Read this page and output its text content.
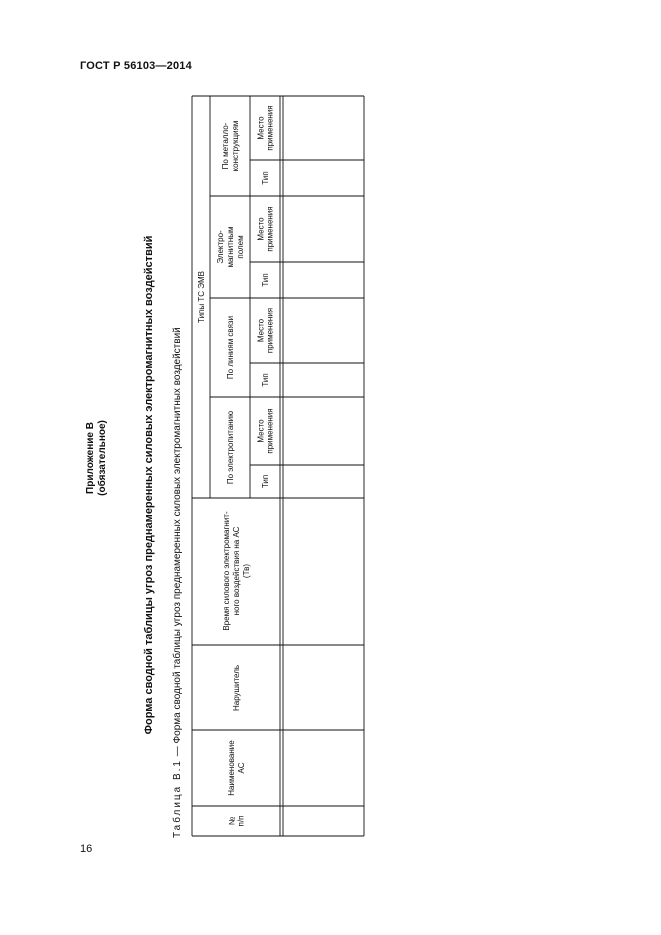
ГОСТ Р 56103—2014
Приложение В (обязательное)	Форма сводной таблицы угроз преднамеренных силовых электромагнитных воздействий
Таблица В.1 — Форма сводной таблицы угроз преднамеренных силовых электромагнитных воздействий
№ п/п
Наименование АС
Нарушитель
Время силового электромагнит- ного воздействия на АС (Тв)
Типы ТС ЭМВ
По электропитанию	Тип
Место применения
По линиям связи
Тип
Место применения
Электро- магнитным полем
Тип
Место применения
По металло- конструкциям
Тип
Место применения
16
